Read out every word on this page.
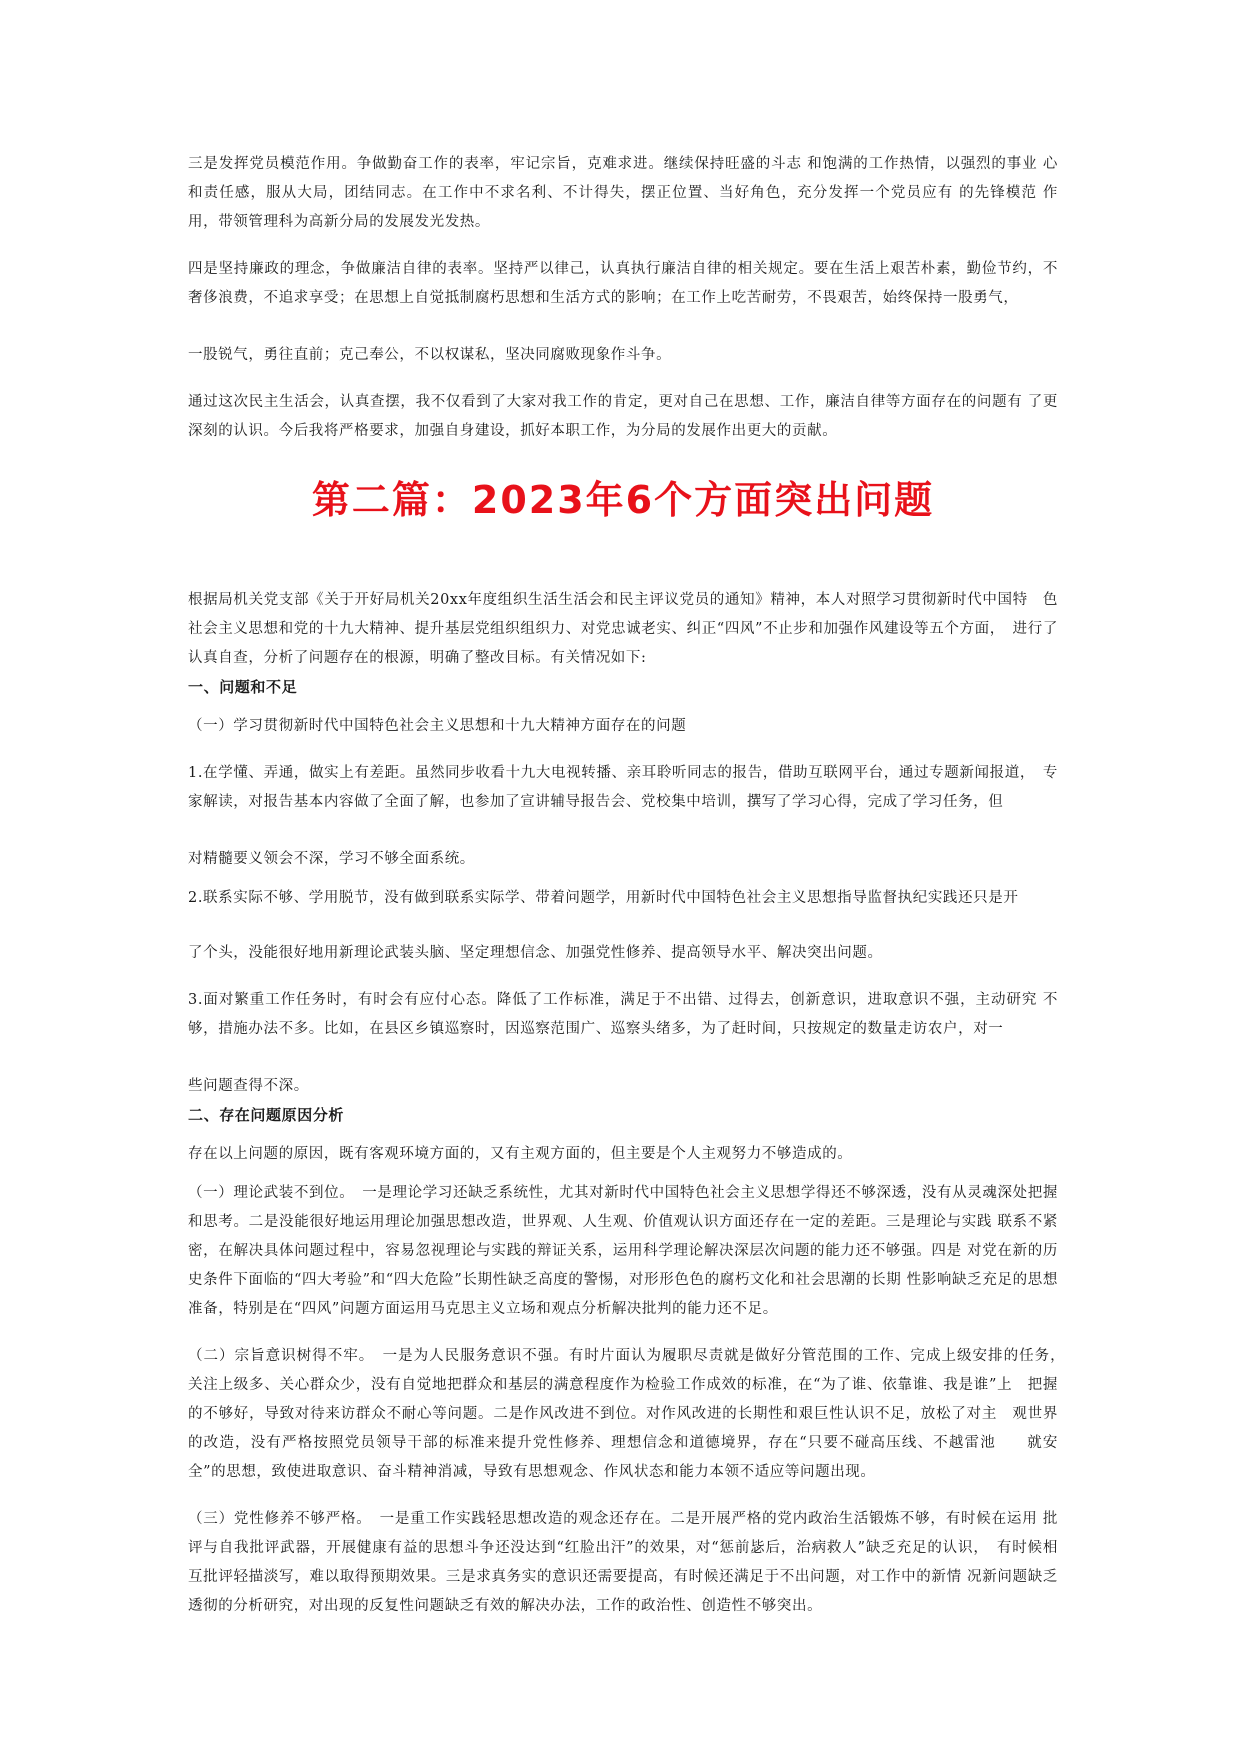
三是发挥党员模范作用。争做勤奋工作的表率，牢记宗旨，克难求进。继续保持旺盛的斗志 和饱满的工作热情，以强烈的事业 心和责任感，服从大局，团结同志。在工作中不求名利、不计得失，摆正位置、当好角色，充分发挥一个党员应有 的先锋模范 作用，带领管理科为高新分局的发展发光发热。

四是坚持廉政的理念，争做廉洁自律的表率。坚持严以律己，认真执行廉洁自律的相关规定。要在生活上艰苦朴素，勤俭节约，不奢侈浪费，不追求享受；在思想上自觉抵制腐朽思想和生活方式的影响；在工作上吃苦耐劳，不畏艰苦，始终保持一股勇气，

一股锐气，勇往直前；克己奉公，不以权谋私，坚决同腐败现象作斗争。

通过这次民主生活会，认真查摆，我不仅看到了大家对我工作的肯定，更对自己在思想、工作，廉洁自律等方面存在的问题有 了更深刻的认识。今后我将严格要求，加强自身建设，抓好本职工作，为分局的发展作出更大的贡献。

第二篇：2023年6个方面突出问题

根据局机关党支部《关于开好局机关20xx年度组织生活生活会和民主评议党员的通知》精神，本人对照学习贯彻新时代中国特　色社会主义思想和党的十九大精神、提升基层党组织组织力、对党忠诚老实、纠正“四风”不止步和加强作风建设等五个方面，　进行了认真自查，分析了问题存在的根源，明确了整改目标。有关情况如下:

一、问题和不足

（一）学习贯彻新时代中国特色社会主义思想和十九大精神方面存在的问题

1.在学懂、弄通，做实上有差距。虽然同步收看十九大电视转播、亲耳聆听同志的报告，借助互联网平台，通过专题新闻报道，　专家解读，对报告基本内容做了全面了解，也参加了宣讲辅导报告会、党校集中培训，撰写了学习心得，完成了学习任务，但

对精髓要义领会不深，学习不够全面系统。

2.联系实际不够、学用脱节，没有做到联系实际学、带着问题学，用新时代中国特色社会主义思想指导监督执纪实践还只是开

了个头，没能很好地用新理论武装头脑、坚定理想信念、加强党性修养、提高领导水平、解决突出问题。

3.面对繁重工作任务时，有时会有应付心态。降低了工作标准，满足于不出错、过得去，创新意识，进取意识不强，主动研究 不够，措施办法不多。比如，在县区乡镇巡察时，因巡察范围广、巡察头绪多，为了赶时间，只按规定的数量走访农户，对一

些问题查得不深。

二、存在问题原因分析

存在以上问题的原因，既有客观环境方面的，又有主观方面的，但主要是个人主观努力不够造成的。

（一）理论武装不到位。　一是理论学习还缺乏系统性，尤其对新时代中国特色社会主义思想学得还不够深透，没有从灵魂深处把握和思考。二是没能很好地运用理论加强思想改造，世界观、人生观、价值观认识方面还存在一定的差距。三是理论与实践 联系不紧密，在解决具体问题过程中，容易忽视理论与实践的辩证关系，运用科学理论解决深层次问题的能力还不够强。四是 对党在新的历史条件下面临的“四大考验”和“四大危险”长期性缺乏高度的警惕，对形形色色的腐朽文化和社会思潮的长期 性影响缺乏充足的思想准备，特别是在“四风”问题方面运用马克思主义立场和观点分析解决批判的能力还不足。

（二）宗旨意识树得不牢。　一是为人民服务意识不强。有时片面认为履职尽责就是做好分管范围的工作、完成上级安排的任务，　关注上级多、关心群众少，没有自觉地把群众和基层的满意程度作为检验工作成效的标准，在“为了谁、依靠谁、我是谁”上　把握的不够好，导致对待来访群众不耐心等问题。二是作风改进不到位。对作风改进的长期性和艰巨性认识不足，放松了对主　观世界的改造，没有严格按照党员领导干部的标准来提升党性修养、理想信念和道德境界，存在“只要不碰高压线、不越雷池　　就安全”的思想，致使进取意识、奋斗精神消减，导致有思想观念、作风状态和能力本领不适应等问题出现。

（三）党性修养不够严格。　一是重工作实践轻思想改造的观念还存在。二是开展严格的党内政治生活锻炼不够，有时候在运用 批评与自我批评武器，开展健康有益的思想斗争还没达到“红脸出汗”的效果，对“惩前毖后，治病救人”缺乏充足的认识，　有时候相互批评轻描淡写，难以取得预期效果。三是求真务实的意识还需要提高，有时候还满足于不出问题，对工作中的新情 况新问题缺乏透彻的分析研究，对出现的反复性问题缺乏有效的解决办法，工作的政治性、创造性不够突出。
